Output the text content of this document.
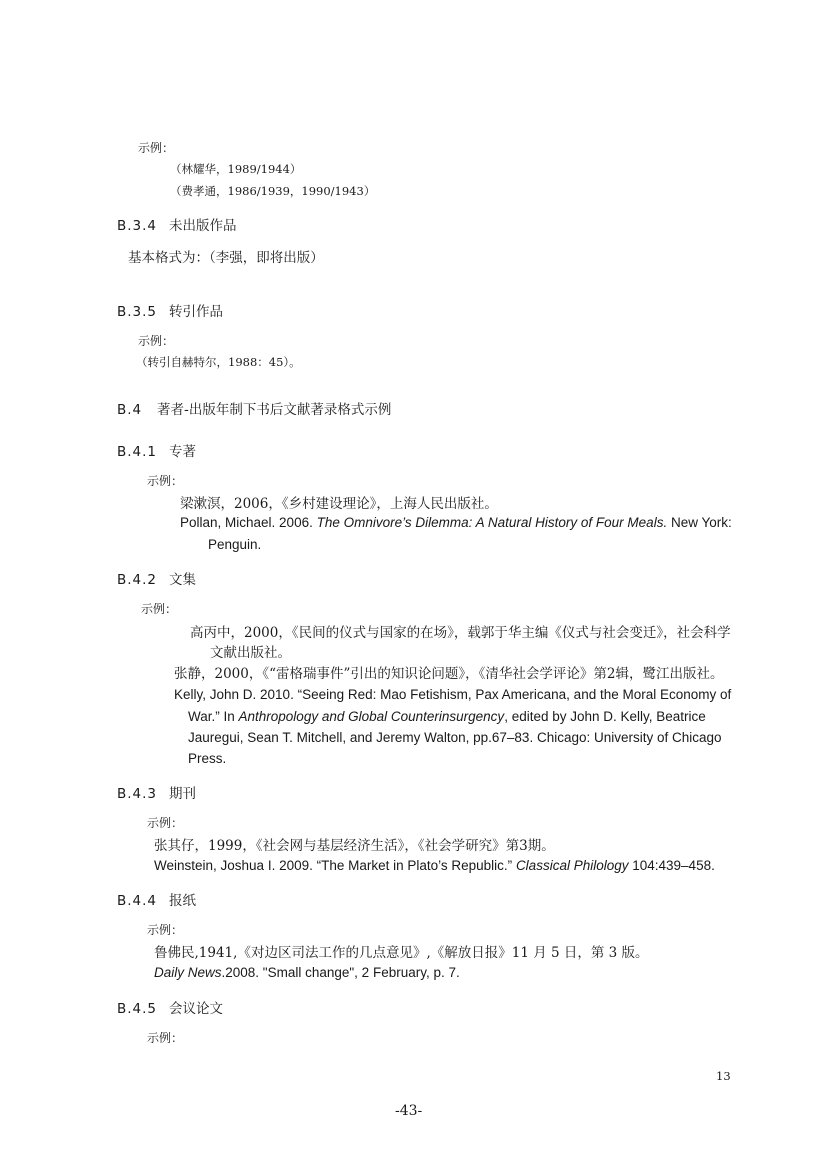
示例：
（林耀华，1989/1944）
（费孝通，1986/1939，1990/1943）
B.3.4 未出版作品
基本格式为：（李强，即将出版）
B.3.5 转引作品
示例：
（转引自赫特尔，1988：45）。
B.4 著者-出版年制下书后文献著录格式示例
B.4.1 专著
示例：
梁漱溟，2006，《乡村建设理论》，上海人民出版社。
Pollan, Michael. 2006. The Omnivore’s Dilemma: A Natural History of Four Meals. New York:
Penguin.
B.4.2 文集
示例：
高丙中，2000，《民间的仪式与国家的在场》，载郭于华主编《仪式与社会变迁》，社会科学
文献出版社。
张静，2000，《“雷格瑞事件”引出的知识论问题》，《清华社会学评论》第2辑，鹭江出版社。
Kelly, John D. 2010. “Seeing Red: Mao Fetishism, Pax Americana, and the Moral Economy of
War.” In Anthropology and Global Counterinsurgency, edited by John D. Kelly, Beatrice
Jauregui, Sean T. Mitchell, and Jeremy Walton, pp.67–83. Chicago: University of Chicago
Press.
B.4.3 期刊
示例：
张其仔，1999，《社会网与基层经济生活》，《社会学研究》第3期。
Weinstein, Joshua I. 2009. “The Market in Plato’s Republic.” Classical Philology 104:439–458.
B.4.4 报纸
示例：
鲁佛民,1941,《对边区司法工作的几点意见》,《解放日报》11 月 5 日，第 3 版。
Daily News.2008. "Small change", 2 February, p. 7.
B.4.5 会议论文
示例：
13
-43-
